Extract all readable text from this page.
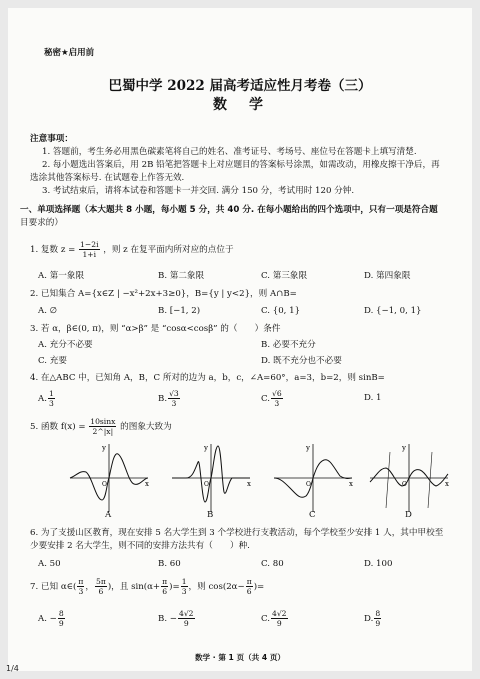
秘密★启用前
巴蜀中学 2022 届高考适应性月考卷（三）
数　学
注意事项：
1. 答题前，考生务必用黑色碳素笔将自己的姓名、准考证号、考场号、座位号在答题卡上填写清楚.
2. 每小题选出答案后，用 2B 铅笔把答题卡上对应题目的答案标号涂黑，如需改动，用橡皮擦干净后，再
选涂其他答案标号. 在试题卷上作答无效.
3. 考试结束后，请将本试卷和答题卡一并交回. 满分 150 分，考试用时 120 分钟.
一、单项选择题（本大题共 8 小题，每小题 5 分，共 40 分. 在每小题给出的四个选项中，只有一项是符合题
目要求的）
1. 复数 $z = \frac{1-2i}{1+i}$ ，则 z 在复平面内所对应的点位于
A. 第一象限	B. 第二象限	C. 第三象限	D. 第四象限
2. 已知集合 A={x∈Z | −x²+2x+3≥0}，B={y | y<2}，则 A∩B=
A. ∅	B. [−1, 2)	C. {0, 1}	D. {−1, 0, 1}
3. 若 α，β∈(0, π)，则 “α>β” 是 “cosα<cosβ” 的（　　）条件
A. 充分不必要	B. 必要不充分
C. 充要	D. 既不充分也不必要
4. 在△ABC 中，已知角 A，B，C 所对的边为 a，b，c，∠A=60°，a=3，b=2，则 sinB=
A. $\frac{1}{3}$	B. $\frac{√3}{3}$	C. $\frac{√6}{3}$	D. 1
5. 函数 $f(x) = \frac{10\sin x}{2\^{}|x|}$ 的图象大致为
y
x
O
y
x
O
y
x
O
y
x
O
A	B	C	D
6. 为了支援山区教育，现在安排 5 名大学生到 3 个学校进行支教活动，每个学校至少安排 1 人，其中甲校至
少要安排 2 名大学生，则不同的安排方法共有（　　）种.
A. 50	B. 60	C. 80	D. 100
7. 已知 α∈( $\frac{\pi}{3}$ ， $\frac{5\pi}{6}$ )，且 $\sin(\alpha+ \frac{\pi}{6}$ )= $\frac{1}{3}$ ，则 $\cos(2\alpha- \frac{\pi}{6}$ )=
A. − $\frac{8}{9}$	B. − $\frac{4√2}{9}$	C. $\frac{4√2}{9}$	D. $\frac{8}{9}$
数学 · 第 1 页（共 4 页）
1/4
